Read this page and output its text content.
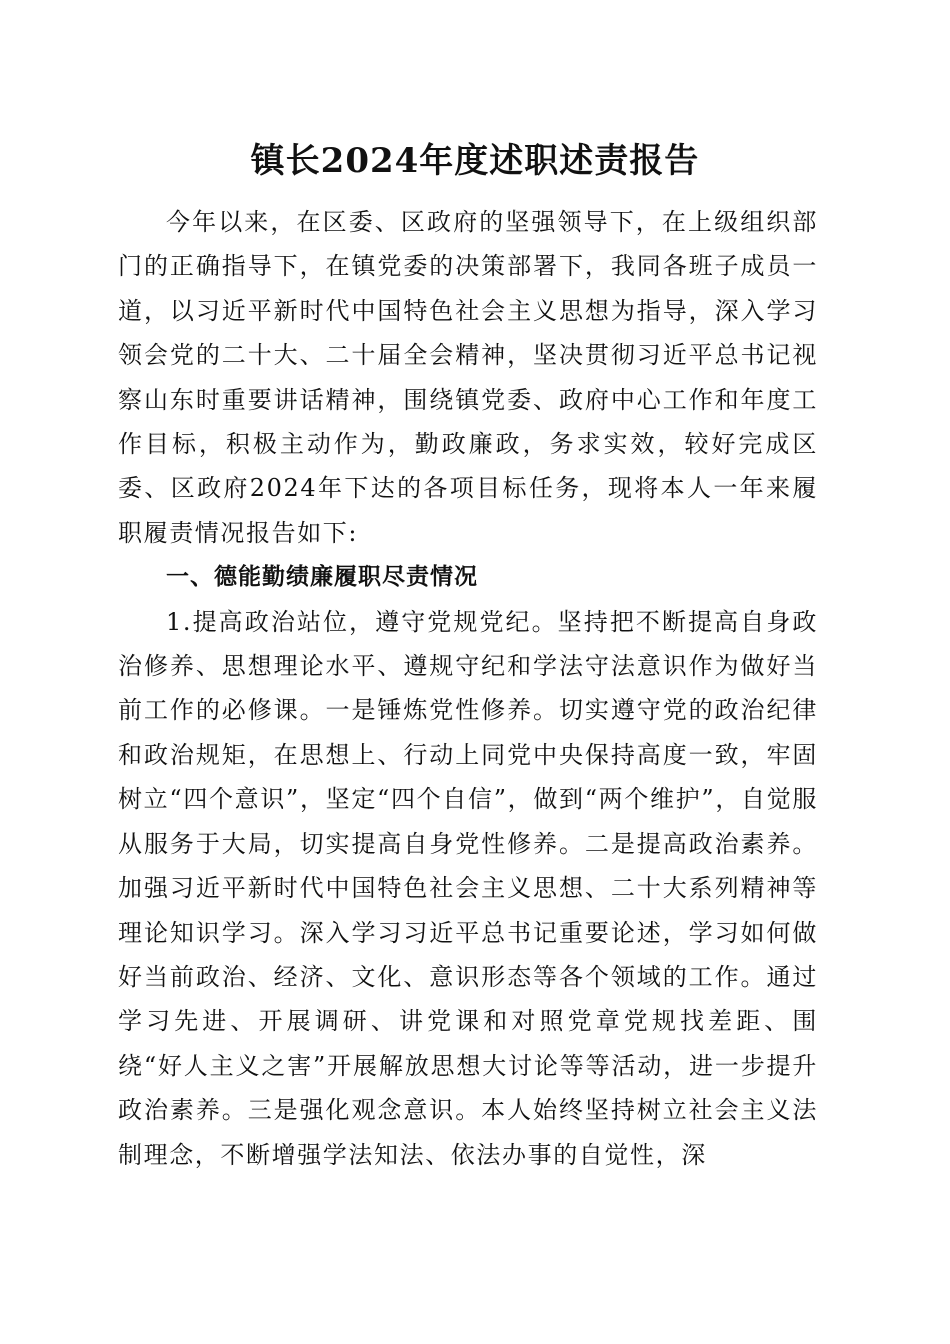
镇长2024年度述职述责报告

今年以来，在区委、区政府的坚强领导下，在上级组织部门的正确指导下，在镇党委的决策部署下，我同各班子成员一道，以习近平新时代中国特色社会主义思想为指导，深入学习领会党的二十大、二十届全会精神，坚决贯彻习近平总书记视察山东时重要讲话精神，围绕镇党委、政府中心工作和年度工作目标，积极主动作为，勤政廉政，务求实效，较好完成区委、区政府2024年下达的各项目标任务，现将本人一年来履职履责情况报告如下:

一、德能勤绩廉履职尽责情况

1.提高政治站位，遵守党规党纪。坚持把不断提高自身政治修养、思想理论水平、遵规守纪和学法守法意识作为做好当前工作的必修课。一是锤炼党性修养。切实遵守党的政治纪律和政治规矩，在思想上、行动上同党中央保持高度一致，牢固树立“四个意识”，坚定“四个自信”，做到“两个维护”，自觉服从服务于大局，切实提高自身党性修养。二是提高政治素养。加强习近平新时代中国特色社会主义思想、二十大系列精神等理论知识学习。深入学习习近平总书记重要论述，学习如何做好当前政治、经济、文化、意识形态等各个领域的工作。通过学习先进、开展调研、讲党课和对照党章党规找差距、围绕“好人主义之害”开展解放思想大讨论等等活动，进一步提升政治素养。三是强化观念意识。本人始终坚持树立社会主义法制理念，不断增强学法知法、依法办事的自觉性，深
